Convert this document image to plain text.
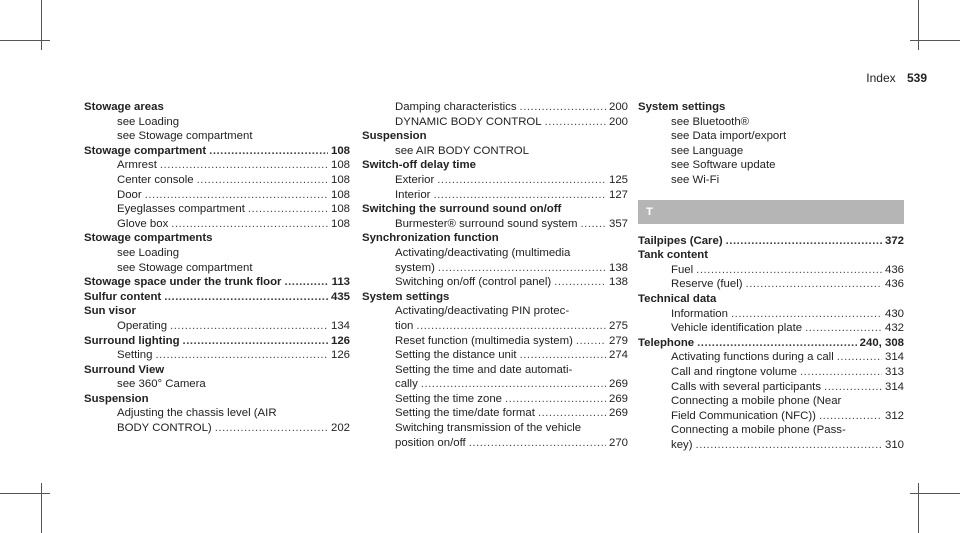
Index 539
Stowage areas
see Loading
see Stowage compartment
Stowage compartment .....	108
Armrest .....	108
Center console .....	108
Door .....	108
Eyeglasses compartment .....	108
Glove box .....	108
Stowage compartments
see Loading
see Stowage compartment
Stowage space under the trunk floor .....	113
Sulfur content .....	435
Sun visor
Operating .....	134
Surround lighting .....	126
Setting .....	126
Surround View
see 360° Camera
Suspension
Adjusting the chassis level (AIR
BODY CONTROL) .....	202
Damping characteristics .....	200
DYNAMIC BODY CONTROL .....	200
Suspension
see AIR BODY CONTROL
Switch-off delay time
Exterior .....	125
Interior .....	127
Switching the surround sound on/off
Burmester® surround sound system .....	357
Synchronization function
Activating/deactivating (multimedia
system) .....	138
Switching on/off (control panel) .....	138
System settings
Activating/deactivating PIN protec-
tion .....	275
Reset function (multimedia system) .....	279
Setting the distance unit .....	274
Setting the time and date automati-
cally .....	269
Setting the time zone .....	269
Setting the time/date format .....	269
Switching transmission of the vehicle
position on/off .....	270
System settings
see Bluetooth®
see Data import/export
see Language
see Software update
see Wi-Fi
T
Tailpipes (Care) .....	372
Tank content
Fuel .....	436
Reserve (fuel) .....	436
Technical data
Information .....	430
Vehicle identification plate .....	432
Telephone .....	240, 308
Activating functions during a call .....	314
Call and ringtone volume .....	313
Calls with several participants .....	314
Connecting a mobile phone (Near
Field Communication (NFC)) .....	312
Connecting a mobile phone (Pass-
key) .....	310
